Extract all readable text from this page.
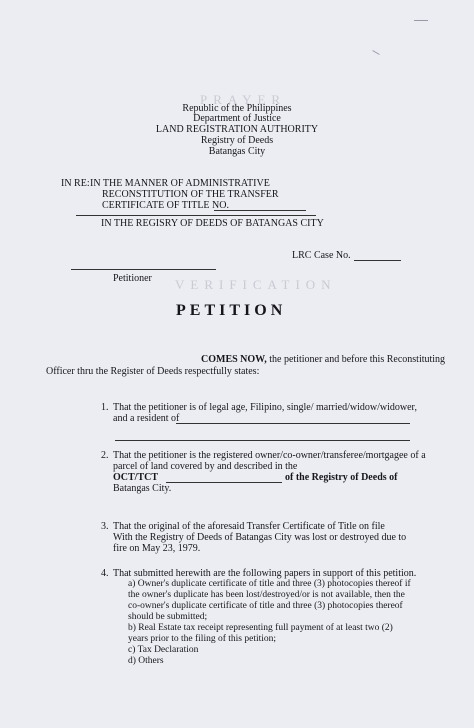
PRAYER
VERIFICATION
Republic of the Philippines
Department of Justice
LAND REGISTRATION AUTHORITY
Registry of Deeds
Batangas City
IN RE: IN THE MANNER OF ADMINISTRATIVE
RECONSTITUTION OF THE TRANSFER
CERTIFICATE OF TITLE NO.
IN THE REGISRY OF DEEDS OF BATANGAS CITY
LRC Case No.
Petitioner
PETITION
COMES NOW, the petitioner and before this Reconstituting
Officer thru the Register of Deeds respectfully states:
1. That the petitioner is of legal age, Filipino, single/ married/widow/widower,
and a resident of
2. That the petitioner is the registered owner/co-owner/transferee/mortgagee of a
parcel of land covered by and described in the
OCT/TCT	of the Registry of Deeds of
Batangas City.
3. That the original of the aforesaid Transfer Certificate of Title on file
With the Registry of Deeds of Batangas City was lost or destroyed due to
fire on May 23, 1979.
4. That submitted herewith are the following papers in support of this petition.
a) Owner's duplicate certificate of title and three (3) photocopies thereof if
the owner's duplicate has been lost/destroyed/or is not available, then the
co-owner's duplicate certificate of title and three (3) photocopies thereof
should be submitted;
b) Real Estate tax receipt representing full payment of at least two (2)
years prior to the filing of this petition;
c) Tax Declaration
d) Others
